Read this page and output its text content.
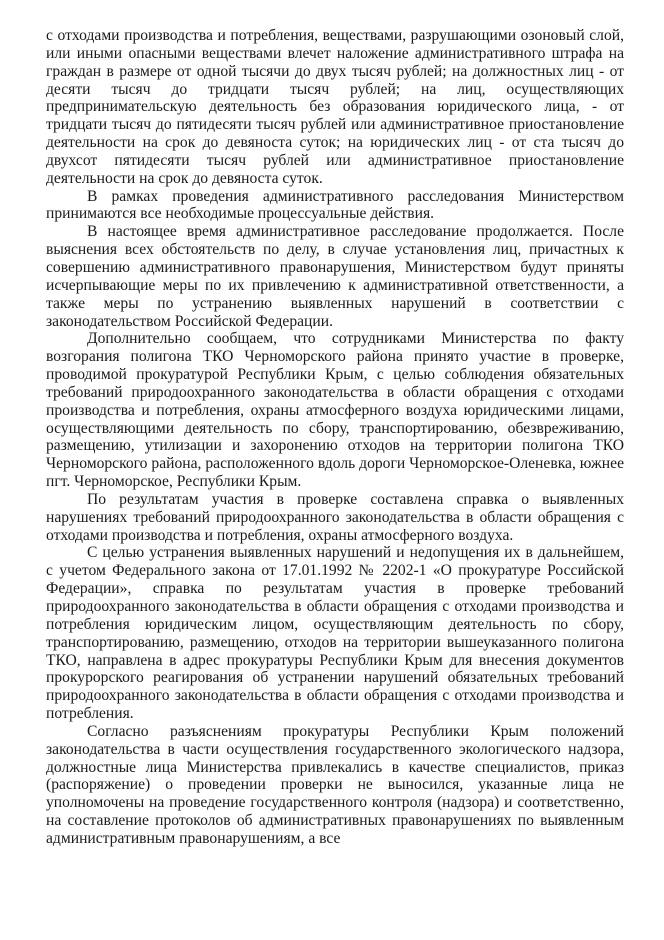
с отходами производства и потребления, веществами, разрушающими озоновый слой, или иными опасными веществами влечет наложение административного штрафа на граждан в размере от одной тысячи до двух тысяч рублей; на должностных лиц - от десяти тысяч до тридцати тысяч рублей; на лиц, осуществляющих предпринимательскую деятельность без образования юридического лица, - от тридцати тысяч до пятидесяти тысяч рублей или административное приостановление деятельности на срок до девяноста суток; на юридических лиц - от ста тысяч до двухсот пятидесяти тысяч рублей или административное приостановление деятельности на срок до девяноста суток.

В рамках проведения административного расследования Министерством принимаются все необходимые процессуальные действия.

В настоящее время административное расследование продолжается. После выяснения всех обстоятельств по делу, в случае установления лиц, причастных к совершению административного правонарушения, Министерством будут приняты исчерпывающие меры по их привлечению к административной ответственности, а также меры по устранению выявленных нарушений в соответствии с законодательством Российской Федерации.

Дополнительно сообщаем, что сотрудниками Министерства по факту возгорания полигона ТКО Черноморского района принято участие в проверке, проводимой прокуратурой Республики Крым, с целью соблюдения обязательных требований природоохранного законодательства в области обращения с отходами производства и потребления, охраны атмосферного воздуха юридическими лицами, осуществляющими деятельность по сбору, транспортированию, обезвреживанию, размещению, утилизации и захоронению отходов на территории полигона ТКО Черноморского района, расположенного вдоль дороги Черноморское-Оленевка, южнее пгт. Черноморское, Республики Крым.

По результатам участия в проверке составлена справка о выявленных нарушениях требований природоохранного законодательства в области обращения с отходами производства и потребления, охраны атмосферного воздуха.

С целью устранения выявленных нарушений и недопущения их в дальнейшем, с учетом Федерального закона от 17.01.1992 № 2202-1 «О прокуратуре Российской Федерации», справка по результатам участия в проверке требований природоохранного законодательства в области обращения с отходами производства и потребления юридическим лицом, осуществляющим деятельность по сбору, транспортированию, размещению, отходов на территории вышеуказанного полигона ТКО, направлена в адрес прокуратуры Республики Крым для внесения документов прокурорского реагирования об устранении нарушений обязательных требований природоохранного законодательства в области обращения с отходами производства и потребления.

Согласно разъяснениям прокуратуры Республики Крым положений законодательства в части осуществления государственного экологического надзора, должностные лица Министерства привлекались в качестве специалистов, приказ (распоряжение) о проведении проверки не выносился, указанные лица не уполномочены на проведение государственного контроля (надзора) и соответственно, на составление протоколов об административных правонарушениях по выявленным административным правонарушениям, а все
